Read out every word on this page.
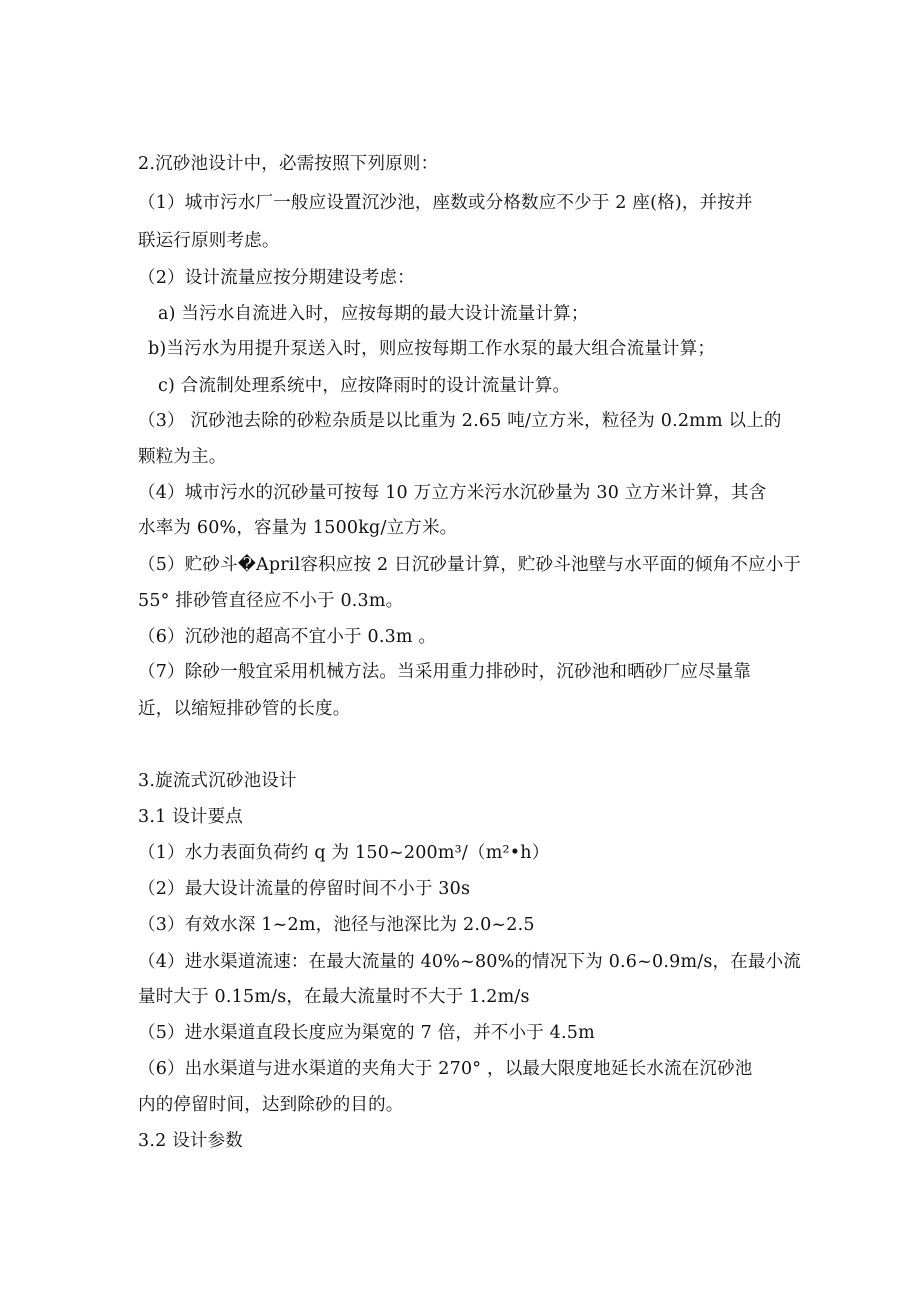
2.沉砂池设计中，必需按照下列原则：
（1）城市污水厂一般应设置沉沙池，座数或分格数应不少于 2 座(格)，并按并
联运行原则考虑。
（2）设计流量应按分期建设考虑：
a) 当污水自流进入时，应按每期的最大设计流量计算；
b)当污水为用提升泵送入时，则应按每期工作水泵的最大组合流量计算；
c) 合流制处理系统中，应按降雨时的设计流量计算。
（3） 沉砂池去除的砂粒杂质是以比重为 2.65 吨/立方米，粒径为 0.2mm 以上的
颗粒为主。
（4）城市污水的沉砂量可按每 10 万立方米污水沉砂量为 30 立方米计算，其含
水率为 60%，容量为 1500kg/立方米。
（5）贮砂斗�April容积应按 2 日沉砂量计算，贮砂斗池壁与水平面的倾角不应小于
55° 排砂管直径应不小于 0.3m。
（6）沉砂池的超高不宜小于 0.3m 。
（7）除砂一般宜采用机械方法。当采用重力排砂时，沉砂池和晒砂厂应尽量靠
近，以缩短排砂管的长度。
3.旋流式沉砂池设计
3.1 设计要点
（1）水力表面负荷约 q 为 150~200m³/（m²•h）
（2）最大设计流量的停留时间不小于 30s
（3）有效水深 1~2m，池径与池深比为 2.0~2.5
（4）进水渠道流速：在最大流量的 40%~80%的情况下为 0.6~0.9m/s，在最小流
量时大于 0.15m/s，在最大流量时不大于 1.2m/s
（5）进水渠道直段长度应为渠宽的 7 倍，并不小于 4.5m
（6）出水渠道与进水渠道的夹角大于 270° ，以最大限度地延长水流在沉砂池
内的停留时间，达到除砂的目的。
3.2 设计参数
